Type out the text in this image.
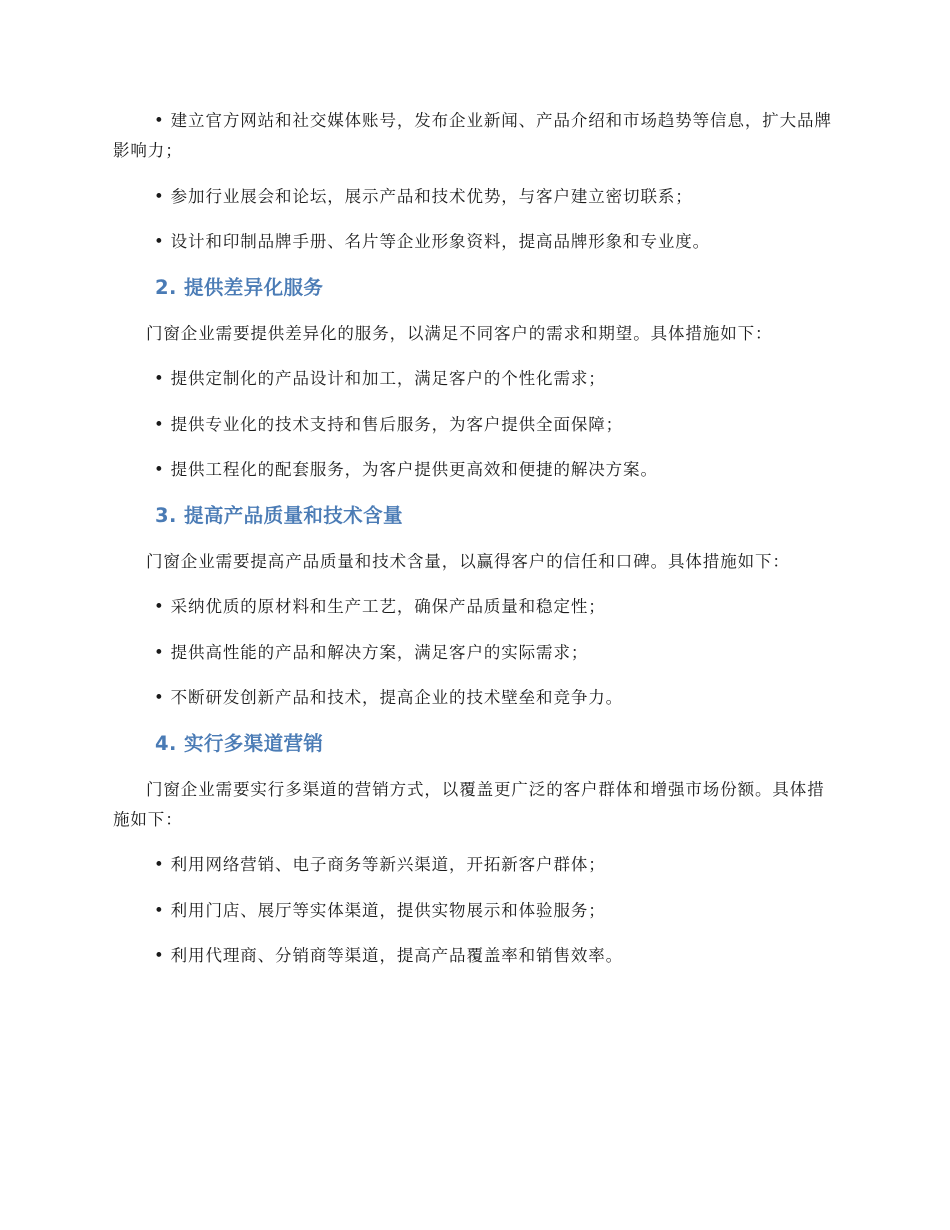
• 建立官方网站和社交媒体账号，发布企业新闻、产品介绍和市场趋势等信息，扩大品牌影响力；

• 参加行业展会和论坛，展示产品和技术优势，与客户建立密切联系；

• 设计和印制品牌手册、名片等企业形象资料，提高品牌形象和专业度。

2. 提供差异化服务

门窗企业需要提供差异化的服务，以满足不同客户的需求和期望。具体措施如下：

• 提供定制化的产品设计和加工，满足客户的个性化需求；

• 提供专业化的技术支持和售后服务，为客户提供全面保障；

• 提供工程化的配套服务，为客户提供更高效和便捷的解决方案。

3. 提高产品质量和技术含量

门窗企业需要提高产品质量和技术含量，以赢得客户的信任和口碑。具体措施如下：

• 采纳优质的原材料和生产工艺，确保产品质量和稳定性；

• 提供高性能的产品和解决方案，满足客户的实际需求；

• 不断研发创新产品和技术，提高企业的技术壁垒和竞争力。

4. 实行多渠道营销

门窗企业需要实行多渠道的营销方式，以覆盖更广泛的客户群体和增强市场份额。具体措施如下：

• 利用网络营销、电子商务等新兴渠道，开拓新客户群体；

• 利用门店、展厅等实体渠道，提供实物展示和体验服务；

• 利用代理商、分销商等渠道，提高产品覆盖率和销售效率。
